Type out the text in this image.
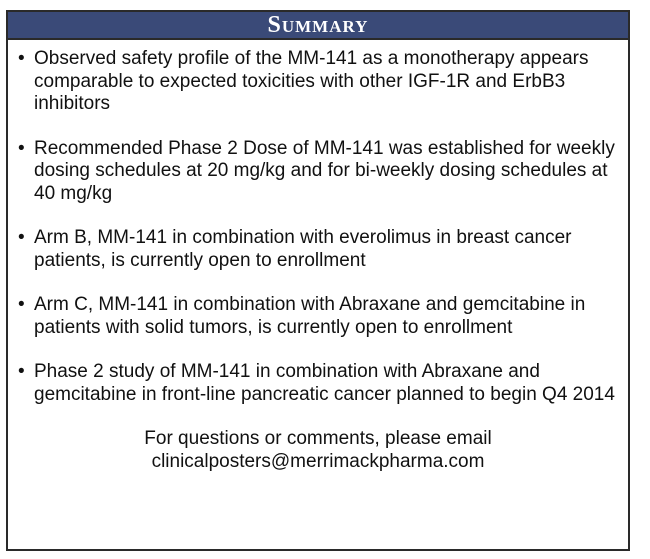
Summary
• Observed safety profile of the MM-141 as a monotherapy appears comparable to expected toxicities with other IGF-1R and ErbB3 inhibitors
• Recommended Phase 2 Dose of MM-141 was established for weekly dosing schedules at 20 mg/kg and for bi-weekly dosing schedules at 40 mg/kg
• Arm B, MM-141 in combination with everolimus in breast cancer patients, is currently open to enrollment
• Arm C, MM-141 in combination with Abraxane and gemcitabine in patients with solid tumors, is currently open to enrollment
• Phase 2 study of MM-141 in combination with Abraxane and gemcitabine in front-line pancreatic cancer planned to begin Q4 2014
For questions or comments, please email
clinicalposters@merrimackpharma.com
